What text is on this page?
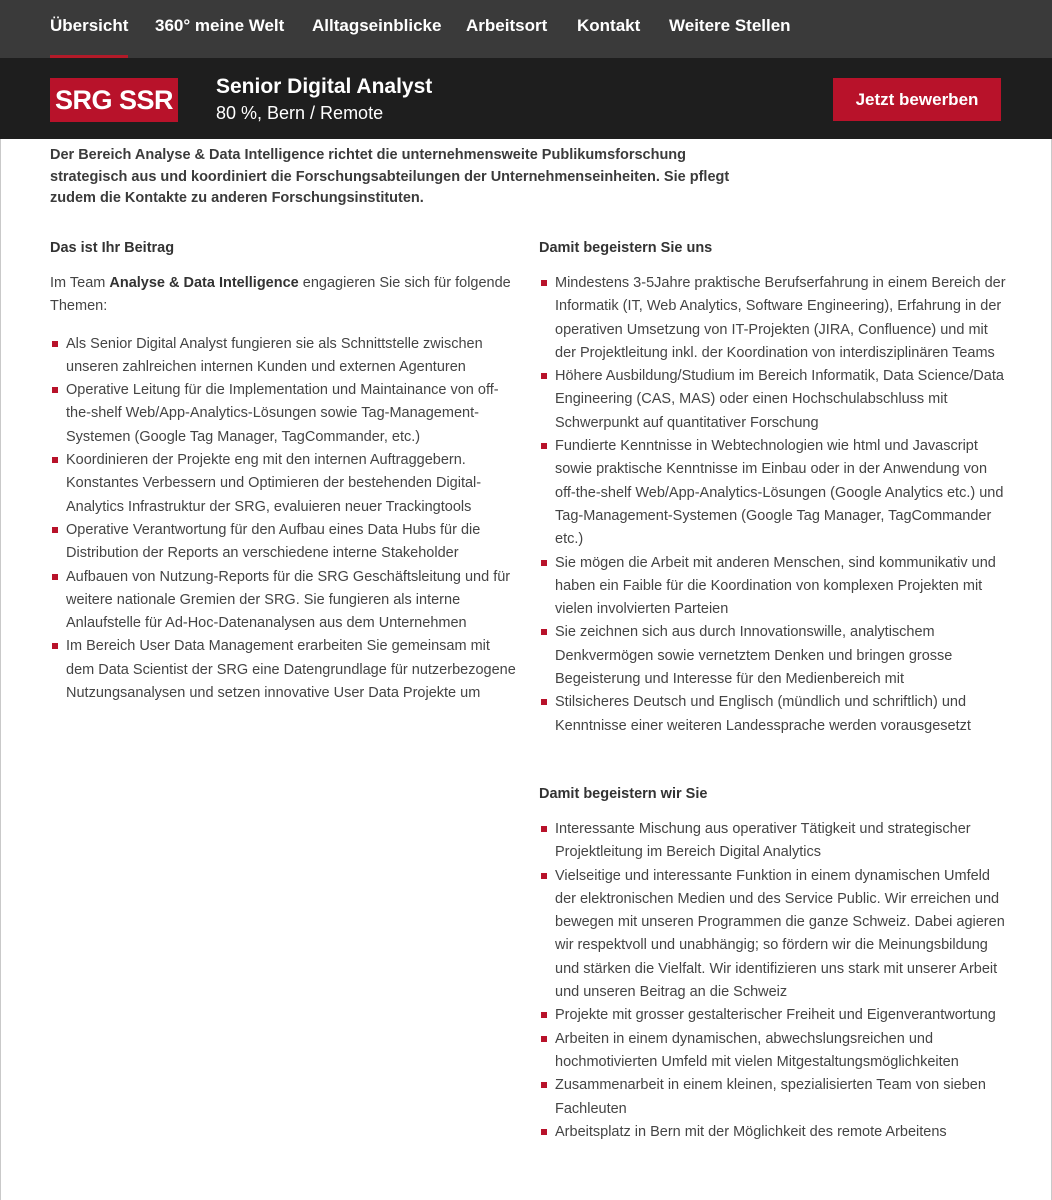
Übersicht 360° meine Welt Alltagseinblicke Arbeitsort Kontakt Weitere Stellen
SRG SSR Senior Digital Analyst
80 %, Bern / Remote
Jetzt bewerben

Der Bereich Analyse & Data Intelligence richtet die unternehmensweite Publikumsforschung strategisch aus und koordiniert die Forschungsabteilungen der Unternehmenseinheiten. Sie pflegt zudem die Kontakte zu anderen Forschungsinstituten.

Das ist Ihr Beitrag

Im Team Analyse & Data Intelligence engagieren Sie sich für folgende Themen:

Als Senior Digital Analyst fungieren sie als Schnittstelle zwischen unseren zahlreichen internen Kunden und externen Agenturen
Operative Leitung für die Implementation und Maintainance von off-the-shelf Web/App-Analytics-Lösungen sowie Tag-Management-Systemen (Google Tag Manager, TagCommander, etc.)
Koordinieren der Projekte eng mit den internen Auftraggebern. Konstantes Verbessern und Optimieren der bestehenden Digital-Analytics Infrastruktur der SRG, evaluieren neuer Trackingtools
Operative Verantwortung für den Aufbau eines Data Hubs für die Distribution der Reports an verschiedene interne Stakeholder
Aufbauen von Nutzung-Reports für die SRG Geschäftsleitung und für weitere nationale Gremien der SRG. Sie fungieren als interne Anlaufstelle für Ad-Hoc-Datenanalysen aus dem Unternehmen
Im Bereich User Data Management erarbeiten Sie gemeinsam mit dem Data Scientist der SRG eine Datengrundlage für nutzerbezogene Nutzungsanalysen und setzen innovative User Data Projekte um
Damit begeistern Sie uns
Mindestens 3-5Jahre praktische Berufserfahrung in einem Bereich der Informatik (IT, Web Analytics, Software Engineering), Erfahrung in der operativen Umsetzung von IT-Projekten (JIRA, Confluence) und mit der Projektleitung inkl. der Koordination von interdisziplinären Teams
Höhere Ausbildung/Studium im Bereich Informatik, Data Science/Data Engineering (CAS, MAS) oder einen Hochschulabschluss mit Schwerpunkt auf quantitativer Forschung
Fundierte Kenntnisse in Webtechnologien wie html und Javascript sowie praktische Kenntnisse im Einbau oder in der Anwendung von off-the-shelf Web/App-Analytics-Lösungen (Google Analytics etc.) und Tag-Management-Systemen (Google Tag Manager, TagCommander etc.)
Sie mögen die Arbeit mit anderen Menschen, sind kommunikativ und haben ein Faible für die Koordination von komplexen Projekten mit vielen involvierten Parteien
Sie zeichnen sich aus durch Innovationswille, analytischem Denkvermögen sowie vernetztem Denken und bringen grosse Begeisterung und Interesse für den Medienbereich mit
Stilsicheres Deutsch und Englisch (mündlich und schriftlich) und Kenntnisse einer weiteren Landessprache werden vorausgesetzt
Damit begeistern wir Sie
Interessante Mischung aus operativer Tätigkeit und strategischer Projektleitung im Bereich Digital Analytics
Vielseitige und interessante Funktion in einem dynamischen Umfeld der elektronischen Medien und des Service Public. Wir erreichen und bewegen mit unseren Programmen die ganze Schweiz. Dabei agieren wir respektvoll und unabhängig; so fördern wir die Meinungsbildung und stärken die Vielfalt. Wir identifizieren uns stark mit unserer Arbeit und unseren Beitrag an die Schweiz
Projekte mit grosser gestalterischer Freiheit und Eigenverantwortung
Arbeiten in einem dynamischen, abwechslungsreichen und hochmotivierten Umfeld mit vielen Mitgestaltungsmöglichkeiten
Zusammenarbeit in einem kleinen, spezialisierten Team von sieben Fachleuten
Arbeitsplatz in Bern mit der Möglichkeit des remote Arbeitens
